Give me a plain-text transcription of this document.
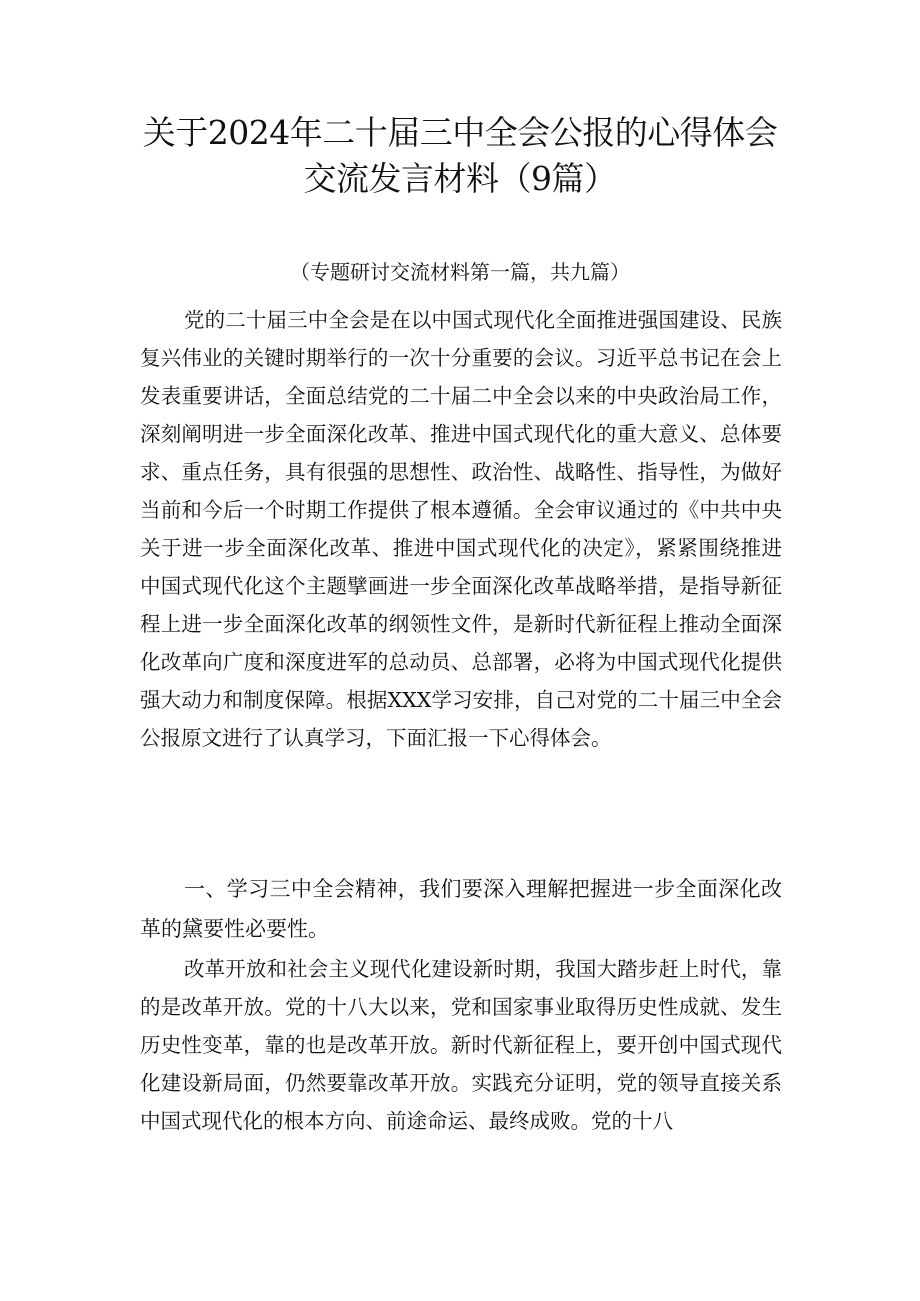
关于2024年二十届三中全会公报的心得体会
交流发言材料（9篇）
（专题研讨交流材料第一篇，共九篇）
党的二十届三中全会是在以中国式现代化全面推进强国建设、民族复兴伟业的关键时期举行的一次十分重要的会议。习近平总书记在会上发表重要讲话，全面总结党的二十届二中全会以来的中央政治局工作，深刻阐明进一步全面深化改革、推进中国式现代化的重大意义、总体要求、重点任务，具有很强的思想性、政治性、战略性、指导性，为做好当前和今后一个时期工作提供了根本遵循。全会审议通过的《中共中央关于进一步全面深化改革、推进中国式现代化的决定》，紧紧围绕推进中国式现代化这个主题擘画进一步全面深化改革战略举措，是指导新征程上进一步全面深化改革的纲领性文件，是新时代新征程上推动全面深化改革向广度和深度进军的总动员、总部署，必将为中国式现代化提供强大动力和制度保障。根据XXX学习安排，自己对党的二十届三中全会公报原文进行了认真学习，下面汇报一下心得体会。
一、学习三中全会精神，我们要深入理解把握进一步全面深化改革的黛要性必要性。
改革开放和社会主义现代化建设新时期，我国大踏步赶上时代，靠的是改革开放。党的十八大以来，党和国家事业取得历史性成就、发生历史性变革，靠的也是改革开放。新时代新征程上，要开创中国式现代化建设新局面，仍然要靠改革开放。实践充分证明，党的领导直接关系中国式现代化的根本方向、前途命运、最终成败。党的十八
